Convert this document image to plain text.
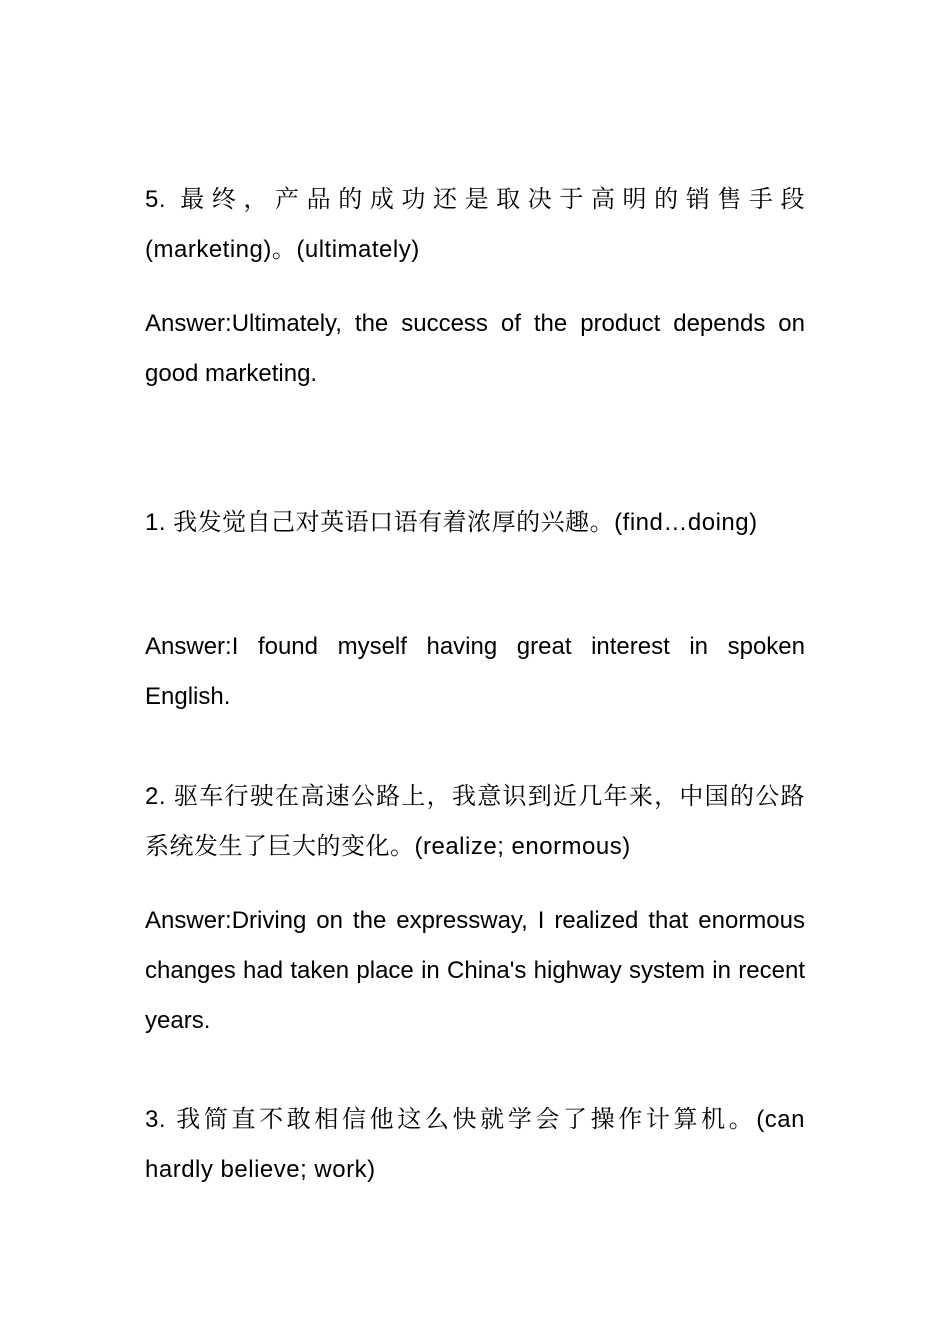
5. 最终，产品的成功还是取决于高明的销售手段(marketing)。(ultimately)

Answer:Ultimately, the success of the product depends on good marketing.

1. 我发觉自己对英语口语有着浓厚的兴趣。(find…doing)

Answer:I found myself having great interest in spoken English.

2. 驱车行驶在高速公路上，我意识到近几年来，中国的公路系统发生了巨大的变化。(realize; enormous)

Answer:Driving on the expressway, I realized that enormous changes had taken place in China's highway system in recent years.

3. 我简直不敢相信他这么快就学会了操作计算机。(can hardly believe; work)
